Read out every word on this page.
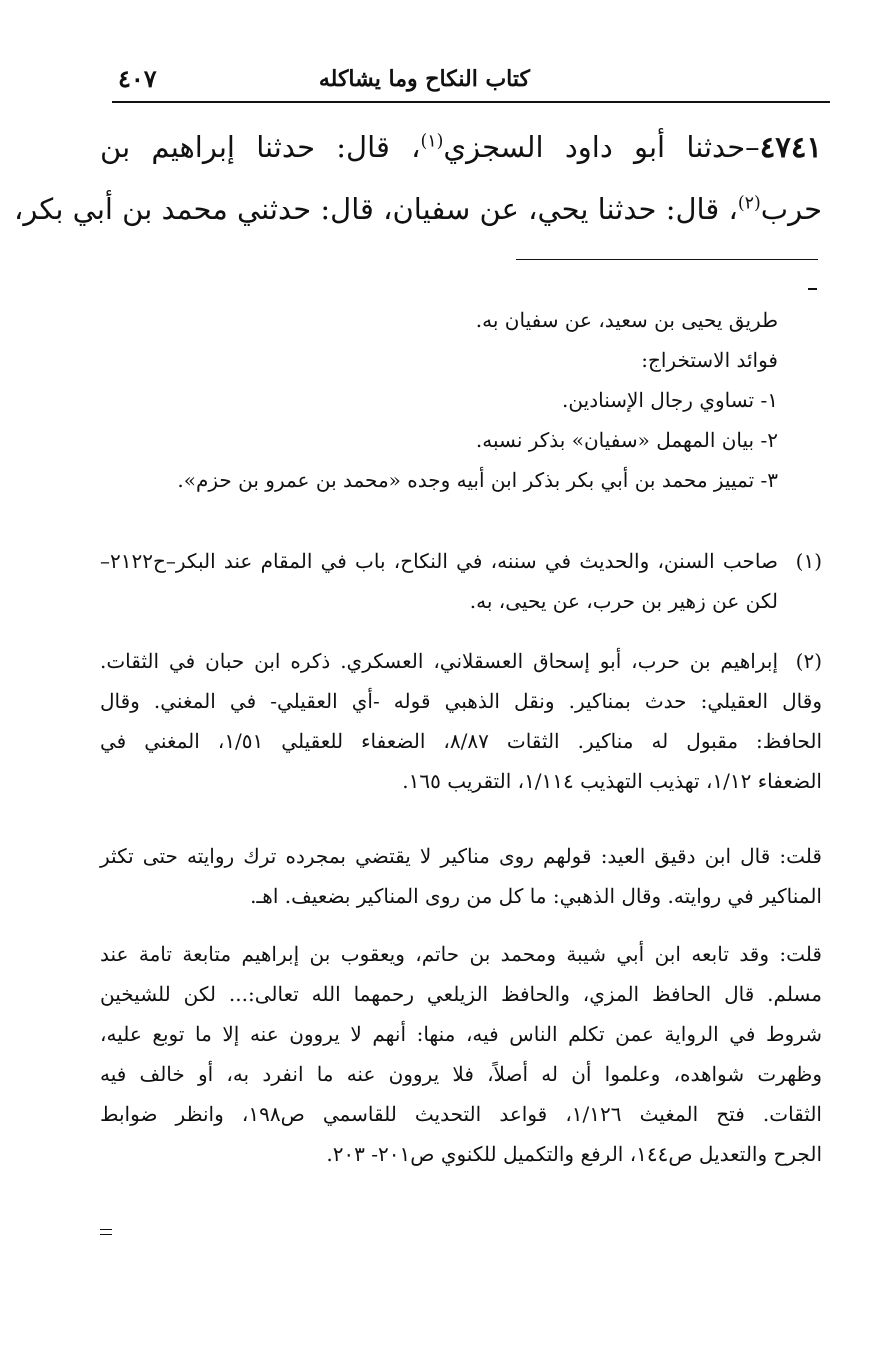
كتاب النكاح وما يشاكله
٤٠٧
٤٧٤١–حدثنا أبو داود السجزي$^{(١)}$، قال: حدثنا إبراهيم بن
حرب$^{(٢)}$، قال: حدثنا يحي، عن سفيان، قال: حدثني محمد بن أبي بكر،
طريق يحيى بن سعيد، عن سفيان به.
فوائد الاستخراج:
١- تساوي رجال الإسنادين.
٢- بيان المهمل «سفيان» بذكر نسبه.
٣- تمييز محمد بن أبي بكر بذكر ابن أبيه وجده «محمد بن عمرو بن حزم».
(١)
صاحب السنن، والحديث في سننه، في النكاح، باب في المقام عند البكر–ح٢١٢٢–
لكن عن زهير بن حرب، عن يحيى، به.
(٢)
إبراهيم بن حرب، أبو إسحاق العسقلاني، العسكري. ذكره ابن حبان في الثقات.
وقال العقيلي: حدث بمناكير. ونقل الذهبي قوله -أي العقيلي- في المغني. وقال
الحافظ: مقبول له مناكير. الثقات ٨/٨٧، الضعفاء للعقيلي ١/٥١، المغني في
الضعفاء ١/١٢، تهذيب التهذيب ١/١١٤، التقريب ١٦٥.
قلت: قال ابن دقيق العيد: قولهم روى مناكير لا يقتضي بمجرده ترك روايته حتى تكثر
المناكير في روايته. وقال الذهبي: ما كل من روى المناكير بضعيف. اهـ.
قلت: وقد تابعه ابن أبي شيبة ومحمد بن حاتم، ويعقوب بن إبراهيم متابعة تامة عند
مسلم. قال الحافظ المزي، والحافظ الزيلعي رحمهما الله تعالى:... لكن للشيخين
شروط في الرواية عمن تكلم الناس فيه، منها: أنهم لا يروون عنه إلا ما توبع عليه،
وظهرت شواهده، وعلموا أن له أصلاً، فلا يروون عنه ما انفرد به، أو خالف فيه
الثقات. فتح المغيث ١/١٢٦، قواعد التحديث للقاسمي ص١٩٨، وانظر ضوابط
الجرح والتعديل ص١٤٤، الرفع والتكميل للكنوي ص٢٠١- ٢٠٣.
